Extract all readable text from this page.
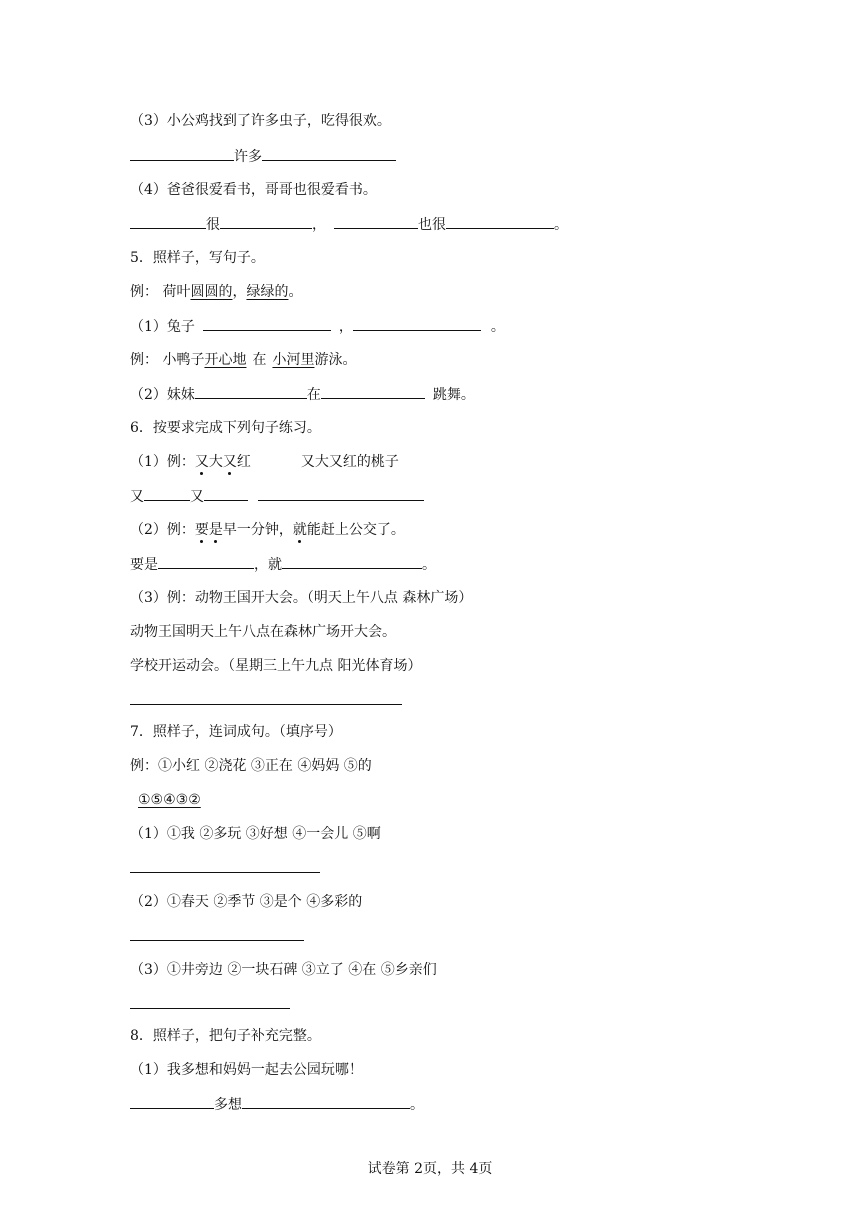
（3）小公鸡找到了许多虫子，吃得很欢。
许多
（4）爸爸很爱看书，哥哥也很爱看书。
很	，	也很	。
5．照样子，写句子。
例： 荷叶圆圆的，绿绿的。
（1）兔子	，	。
例： 小鸭子开心地 在 小河里游泳。
（2）妹妹	在	跳舞。
6．按要求完成下列句子练习。
（1）例：又大又红	又大又红的桃子
又	又
（2）例：要是早一分钟，就能赶上公交了。
要是	，就	。
（3）例：动物王国开大会。（明天上午八点 森林广场）
动物王国明天上午八点在森林广场开大会。
学校开运动会。（星期三上午九点 阳光体育场）
7．照样子，连词成句。（填序号）
例：①小红 ②浇花 ③正在 ④妈妈 ⑤的
①⑤④③②
（1）①我 ②多玩 ③好想 ④一会儿 ⑤啊
（2）①春天 ②季节 ③是个 ④多彩的
（3）①井旁边 ②一块石碑 ③立了 ④在 ⑤乡亲们
8．照样子，把句子补充完整。
（1）我多想和妈妈一起去公园玩哪！
多想	。
试卷第 2页，共 4页
